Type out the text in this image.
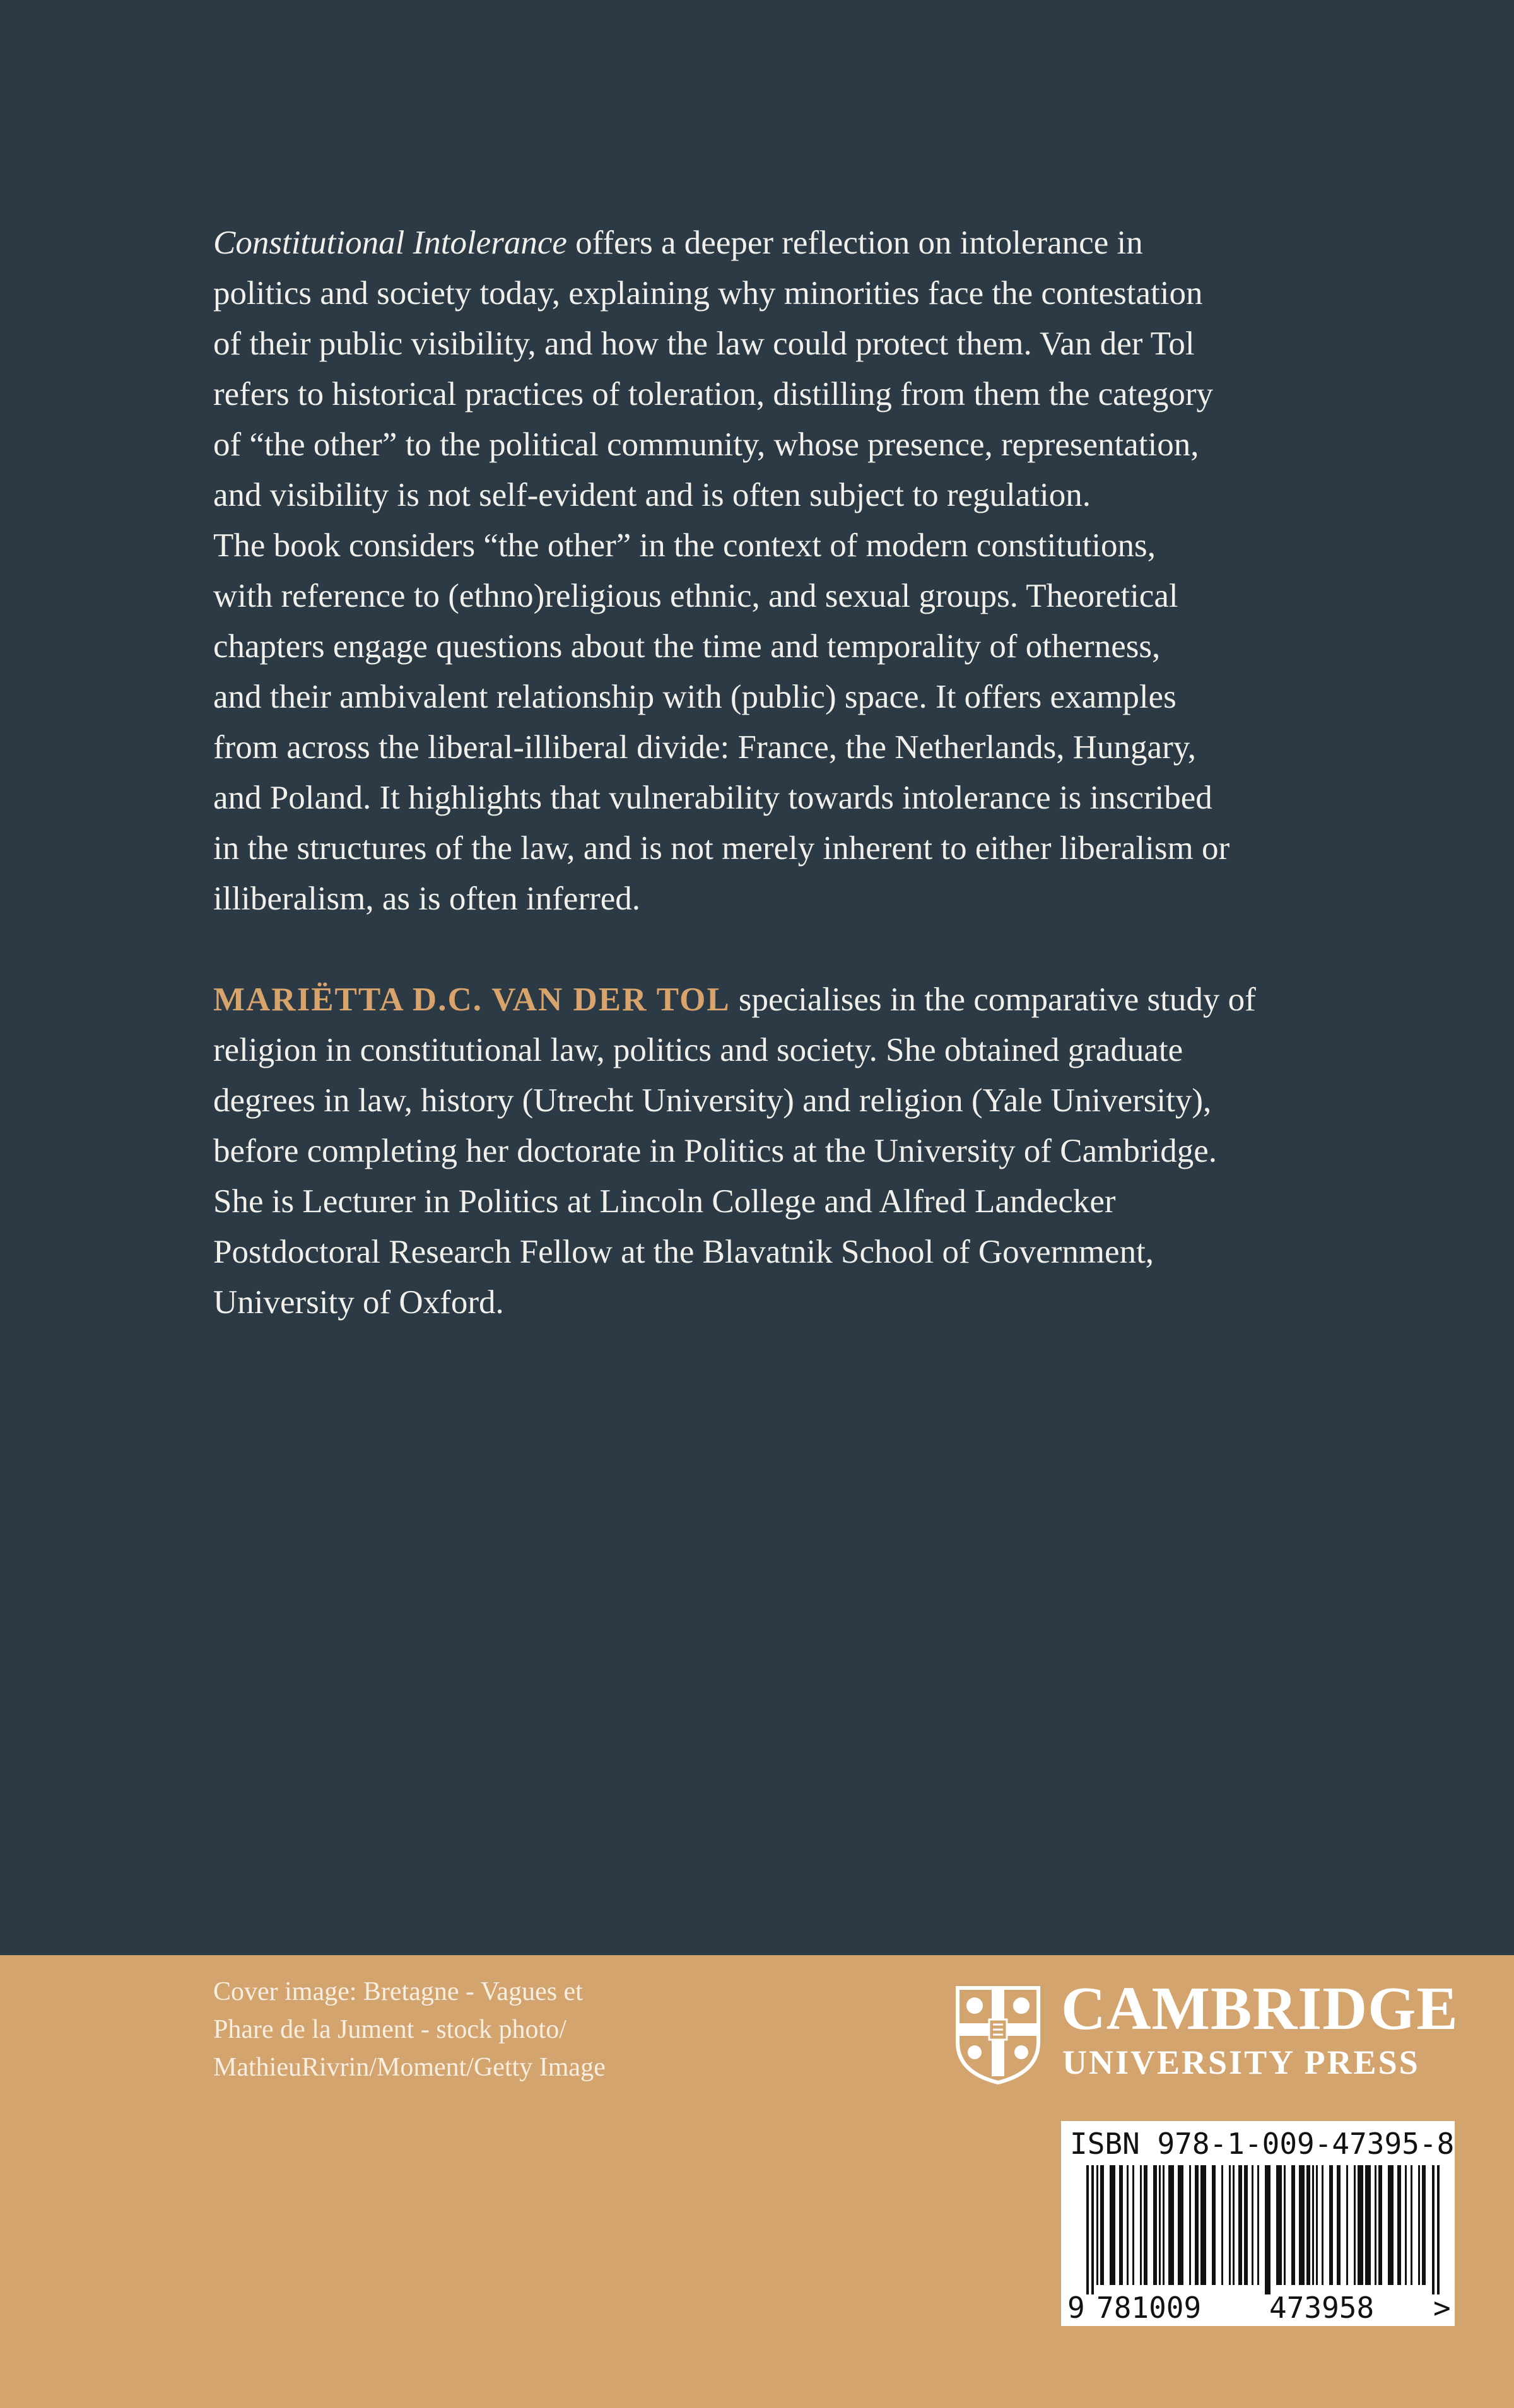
Constitutional Intolerance offers a deeper reflection on intolerance in
politics and society today, explaining why minorities face the contestation
of their public visibility, and how the law could protect them. Van der Tol
refers to historical practices of toleration, distilling from them the category
of “the other” to the political community, whose presence, representation,
and visibility is not self-evident and is often subject to regulation.
The book considers “the other” in the context of modern constitutions,
with reference to (ethno)religious ethnic, and sexual groups. Theoretical
chapters engage questions about the time and temporality of otherness,
and their ambivalent relationship with (public) space. It offers examples
from across the liberal-illiberal divide: France, the Netherlands, Hungary,
and Poland. It highlights that vulnerability towards intolerance is inscribed
in the structures of the law, and is not merely inherent to either liberalism or
illiberalism, as is often inferred.

MARIËTTA D.C. VAN DER TOL specialises in the comparative study of
religion in constitutional law, politics and society. She obtained graduate
degrees in law, history (Utrecht University) and religion (Yale University),
before completing her doctorate in Politics at the University of Cambridge.
She is Lecturer in Politics at Lincoln College and Alfred Landecker
Postdoctoral Research Fellow at the Blavatnik School of Government,
University of Oxford.

Cover image: Bretagne - Vagues et
Phare de la Jument - stock photo/
MathieuRivrin/Moment/Getty Image
CAMBRIDGE
UNIVERSITY PRESS
ISBN 978-1-009-47395-8
9 781009 473958 >
